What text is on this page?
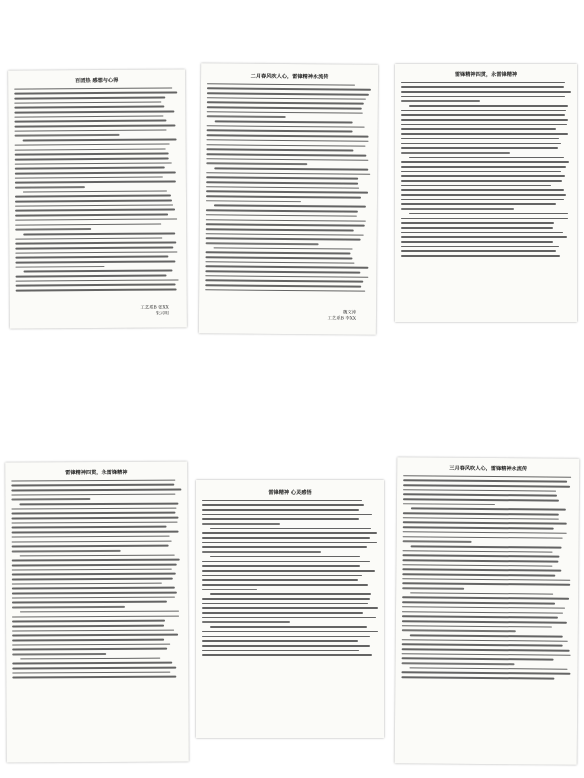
百团热 感想与心得
工艺系B 张XX
朱兴明
二月春风吹人心，雷锋精神永流传
魏文涛
工艺系B 李XX
雷锋精神四贯，永雷锋精神
雷锋精神四贯，永雷锋精神
雷锋精神 心灵感悟
三月春风吹人心，雷锋精神永流传
